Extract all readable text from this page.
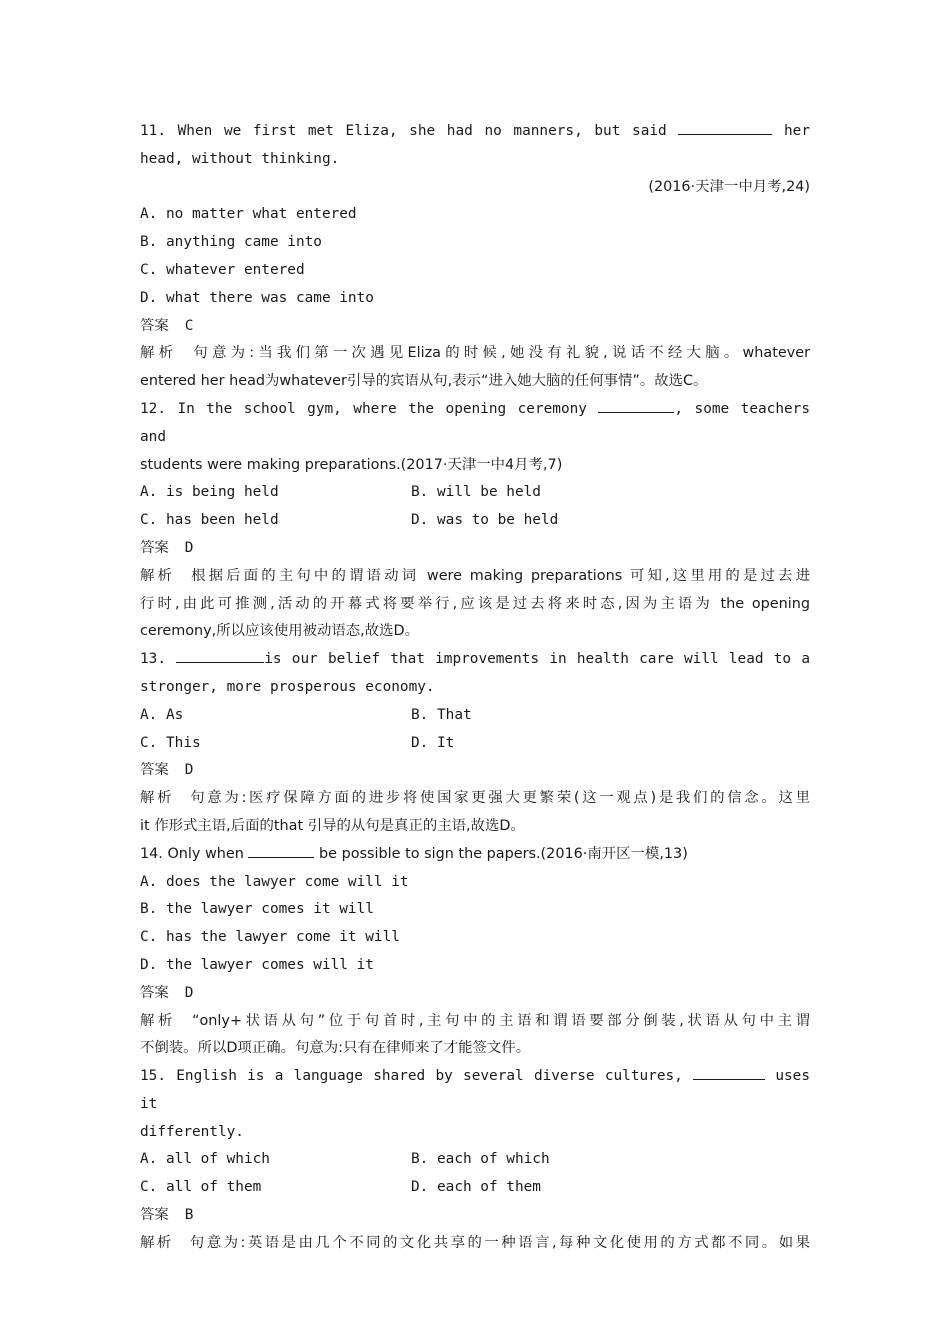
11. When we first met Eliza, she had no manners, but said	her
head, without thinking.
(2016·天津一中月考,24)
A. no matter what entered
B. anything came into
C. whatever entered
D. what there was came into
答案 C
解析 句意为:当我们第一次遇见Eliza的时候,她没有礼貌,说话不经大脑。whatever
entered her head为whatever引导的宾语从句,表示“进入她大脑的任何事情”。故选C。
12. In the school gym, where the opening ceremony	, some teachers and
students were making preparations.(2017·天津一中4月考,7)
A. is being held	B. will be held
C. has been held	D. was to be held
答案 D
解析 根据后面的主句中的谓语动词 were making preparations 可知,这里用的是过去进
行时,由此可推测,活动的开幕式将要举行,应该是过去将来时态,因为主语为 the opening
ceremony,所以应该使用被动语态,故选D。
13.	is our belief that improvements in health care will lead to a
stronger, more prosperous economy.
A. As	B. That
C. This	D. It
答案 D
解析 句意为:医疗保障方面的进步将使国家更强大更繁荣(这一观点)是我们的信念。这里
it 作形式主语,后面的that 引导的从句是真正的主语,故选D。
14. Only when	be possible to sign the papers.(2016·南开区一模,13)
A. does the lawyer come will it
B. the lawyer comes it will
C. has the lawyer come it will
D. the lawyer comes will it
答案 D
解析 “only+状语从句”位于句首时,主句中的主语和谓语要部分倒装,状语从句中主谓
不倒装。所以D项正确。句意为:只有在律师来了才能签文件。
15. English is a language shared by several diverse cultures,	uses it
differently.
A. all of which	B. each of which
C. all of them	D. each of them
答案 B
解析 句意为:英语是由几个不同的文化共享的一种语言,每种文化使用的方式都不同。如果
